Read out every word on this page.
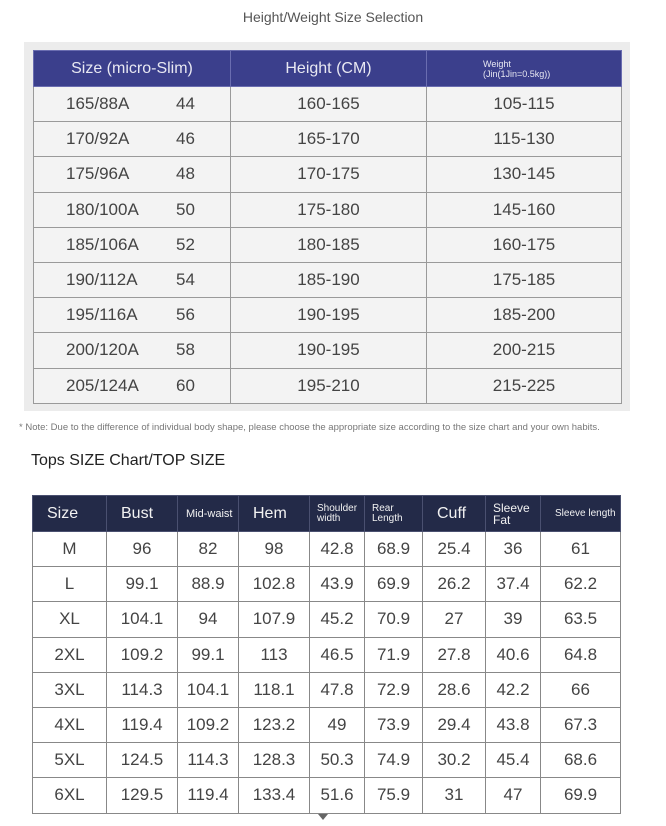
Height/Weight Size Selection
Size (micro-Slim)	Height (CM)	Weight
(Jin(1Jin=0.5kg))
165/88A 44	160-165	105-115
170/92A 46	165-170	115-130
175/96A 48	170-175	130-145
180/100A 50	175-180	145-160
185/106A 52	180-185	160-175
190/112A 54	185-190	175-185
195/116A 56	190-195	185-200
200/120A 58	190-195	200-215
205/124A 60	195-210	215-225
* Note: Due to the difference of individual body shape, please choose the appropriate size according to the size chart and your own habits.
Tops SIZE Chart/TOP SIZE
Size	Bust	Mid-waist	Hem	Shoulder width	Rear Length	Cuff	Sleeve Fat	Sleeve length
M	96	82	98	42.8	68.9	25.4	36	61
L	99.1	88.9	102.8	43.9	69.9	26.2	37.4	62.2
XL	104.1	94	107.9	45.2	70.9	27	39	63.5
2XL	109.2	99.1	113	46.5	71.9	27.8	40.6	64.8
3XL	114.3	104.1	118.1	47.8	72.9	28.6	42.2	66
4XL	119.4	109.2	123.2	49	73.9	29.4	43.8	67.3
5XL	124.5	114.3	128.3	50.3	74.9	30.2	45.4	68.6
6XL	129.5	119.4	133.4	51.6	75.9	31	47	69.9
